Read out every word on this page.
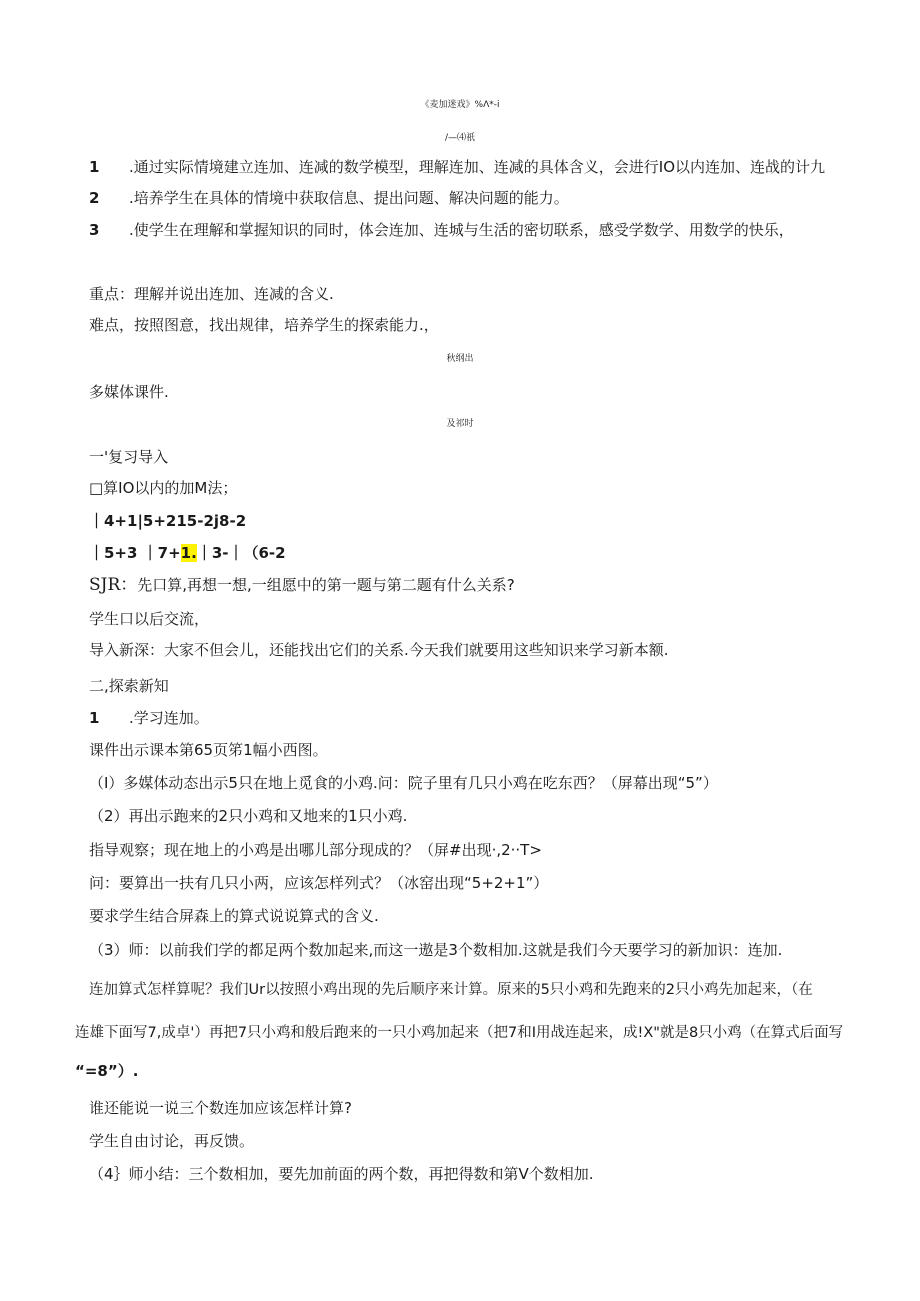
《麦加迷戏》%Λ*-i
/—⑷祇
1 .通过实际情境建立连加、连减的数学模型，理解连加、连减的具体含义，会进行IO以内连加、连战的计九
2 .培养学生在具体的情境中获取信息、提出问题、解决问题的能力。
3 .使学生在理解和掌握知识的同时，体会连加、连城与生活的密切联系，感受学数学、用数学的快乐，
重点：理解并说出连加、连减的含义.
难点，按照图意，找出规律，培养学生的探索能力.，
秋纲出
多媒体课件.
及祁时
一'复习导入
□算IO以内的加M法；
｜4+1|5+215-2j8-2
｜5+3 ｜7+1.｜3-｜（6-2
SJR：先口算,再想一想,一组愿中的第一题与第二题有什么关系?
学生口以后交流，
导入新深：大家不但会儿，还能找出它们的关系.今天我们就要用这些知识来学习新本额.
二,探索新知
1 .学习连加。
课件出示课本第65页笫1幅小西图。
（I）多媒体动态出示5只在地上觅食的小鸡.问：院子里有几只小鸡在吃东西？（屏幕出现“5”）
（2）再出示跑来的2只小鸡和又地来的1只小鸡.
指导观察；现在地上的小鸡是出哪儿部分现成的？（屏#出现·,2··T>
问：要算出一扶有几只小两，应该怎样列式？（冰窑出现“5+2+1”）
要求学生结合屏森上的算式说说算式的含义.
（3）师：以前我们学的都足两个数加起来,而这一遨是3个数相加.这就是我们今天要学习的新加识：连加.
连加算式怎样算呢？我们Ur以按照小鸡出现的先后顺序来计算。原来的5只小鸡和先跑来的2只小鸡先加起来，（在
连雄下面写7,成卓'）再把7只小鸡和般后跑来的一只小鸡加起来（把7和I用战连起来，成!X"就是8只小鸡（在算式后面写
“=8”）.
谁还能说一说三个数连加应该怎样计算?
学生自由讨论，再反馈。
（4｝师小结：三个数相加，要先加前面的两个数，再把得数和第V个数相加.
